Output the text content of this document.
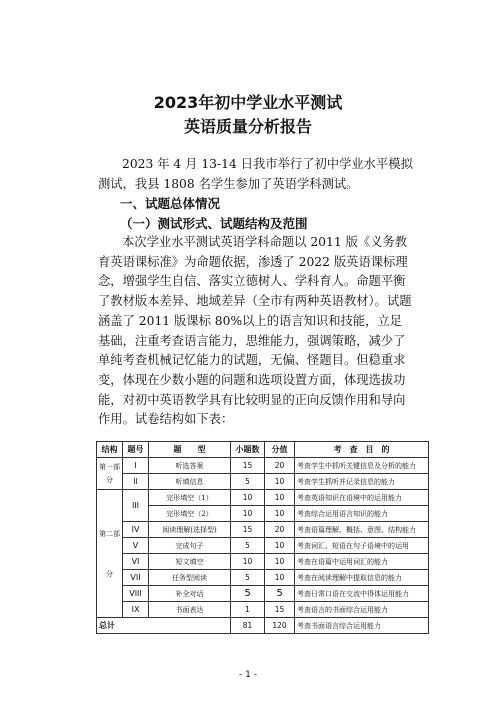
2023年初中学业水平测试
英语质量分析报告
2023 年 4 月 13-14 日我市举行了初中学业水平模拟测试，我县 1808 名学生参加了英语学科测试。
一、试题总体情况
（一）测试形式、试题结构及范围
本次学业水平测试英语学科命题以 2011 版《义务教育英语课标准》为命题依据，渗透了 2022 版英语课标理念，增强学生自信、落实立德树人、学科育人。命题平衡了教材版本差异、地域差异（全市有两种英语教材）。试题涵盖了 2011 版课标 80%以上的语言知识和技能，立足基础，注重考查语言能力，思维能力，强调策略，减少了单纯考查机械记忆能力的试题，无偏、怪题目。但稳重求变，体现在少数小题的问题和选项设置方面，体现选拔功能，对初中英语教学具有比较明显的正向反馈作用和导向作用。试卷结构如下表：
结构	题号	题　　型	小题数	分值	考　查　目　的
第一部分	I	听选答案	15	20	考查学生中抓听关键信息及分析的能力
	II	听填信息	5	10	考查学生抓听并记录信息的能力
第二部分	III	完形填空（1）	10	10	考查英语知识在语境中的运用能力
		完形填空（2）	10	10	考查综合运用语言知识的能力
	IV	阅读理解(选择型)	15	20	考查语篇理解、概括、意图、结构能力
	V	完成句子	5	10	考查词汇、短语在句子语境中的运用
	VI	短文填空	10	10	考查在语篇中运用词汇的能力
	VII	任务型阅读	5	10	考查在阅读理解中提取信息的能力
	VIII	补全对话	5	5	考查日常口语在交流中得体运用能力
	IX	书面表达	1	15	考查语言的书面综合运用能力
总计			81	120	考查书面语言综合运用能力
- 1 -
